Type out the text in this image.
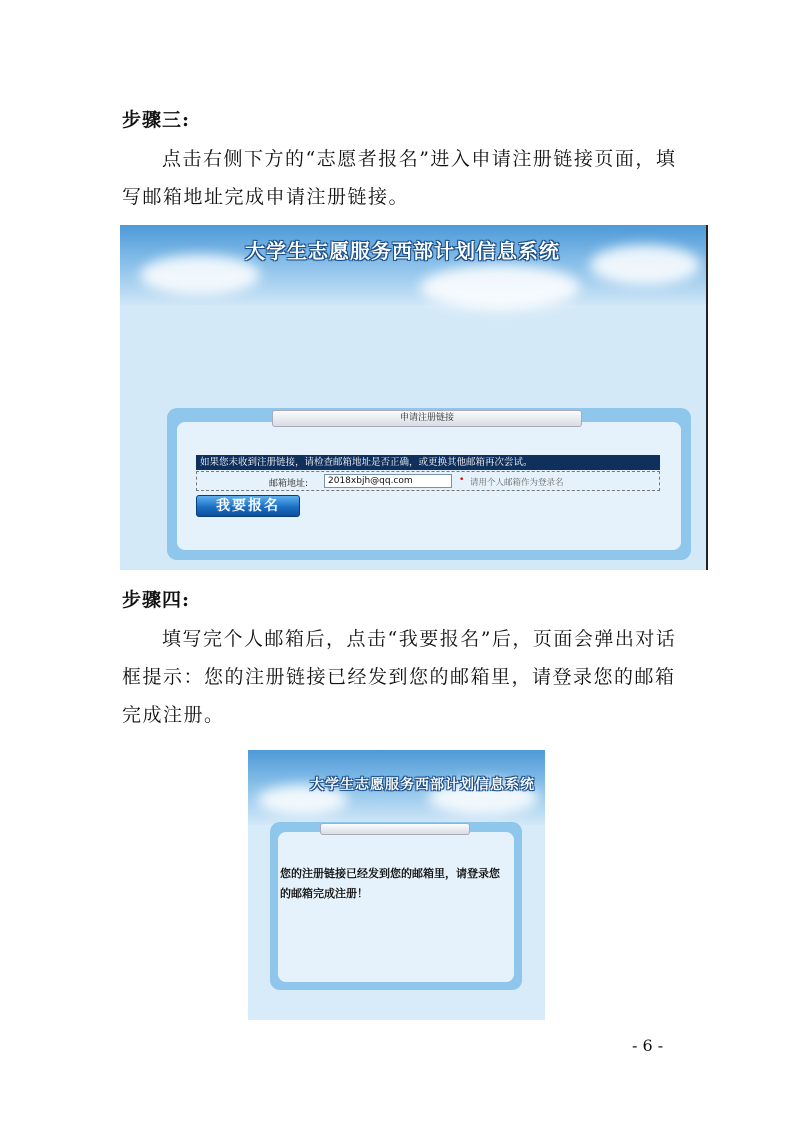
步骤三:
点击右侧下方的“志愿者报名”进入申请注册链接页面，填写邮箱地址完成申请注册链接。
大学生志愿服务西部计划信息系统
申请注册链接
如果您未收到注册链接，请检查邮箱地址是否正确，或更换其他邮箱再次尝试。
邮箱地址:	2018xbjh@qq.com	• 请用个人邮箱作为登录名
我要报名
步骤四:
填写完个人邮箱后，点击“我要报名”后，页面会弹出对话框提示：您的注册链接已经发到您的邮箱里，请登录您的邮箱完成注册。
大学生志愿服务西部计划信息系统
您的注册链接已经发到您的邮箱里，请登录您的邮箱完成注册！
- 6 -
